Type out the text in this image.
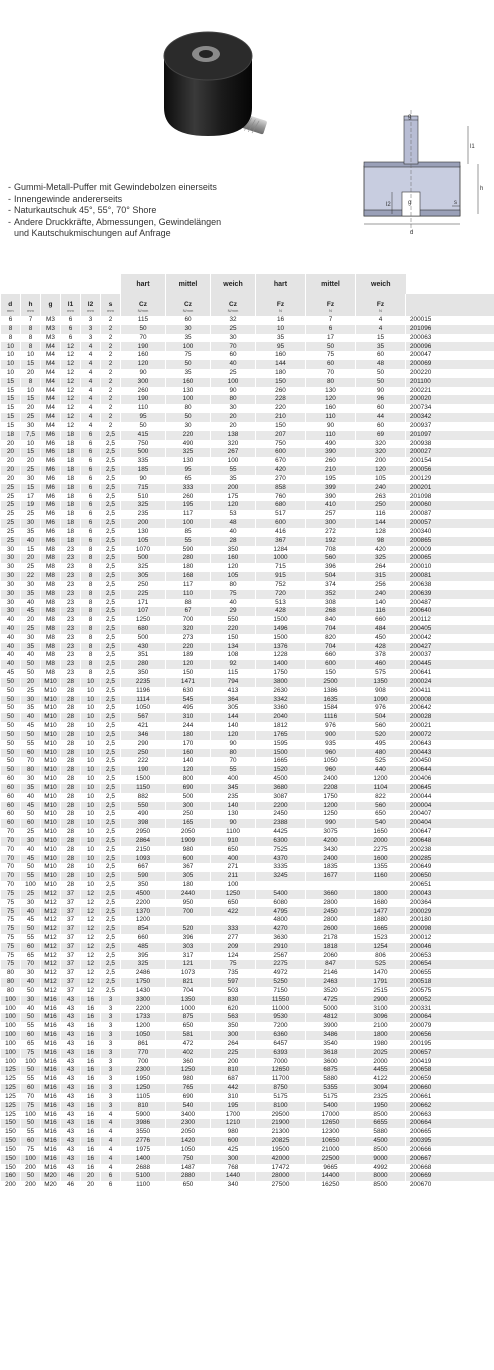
g
l1
h
l2	g	s
d
- Gummi-Metall-Puffer mit Gewindebolzen einerseits
- Innengewinde andererseits
- Naturkautschuk 45°, 55°, 70° Shore
- Andere Druckkräfte, Abmessungen, Gewindelängen
und Kautschukmischungen auf Anfrage
						hart	mittel	weich	hart	mittel	weich	
d	h	g	l1	l2	s	Cz	Cz	Cz	Fz	Fz	Fz	
mm	mm		mm	mm	mm	N/mm	N/mm	N/mm	N	N	N	
6	7	M3	6	3	2	115	60	32	16	7	4	200015
8	8	M3	6	3	2	50	30	25	10	6	4	201096
8	8	M3	6	3	2	70	35	30	35	17	15	200063
10	8	M4	12	4	2	190	100	70	95	50	35	200096
10	10	M4	12	4	2	160	75	60	160	75	60	200047
10	15	M4	12	4	2	120	50	40	144	60	48	200069
10	20	M4	12	4	2	90	35	25	180	70	50	200220
15	8	M4	12	4	2	300	160	100	150	80	50	201100
15	10	M4	12	4	2	260	130	90	260	130	90	200221
15	15	M4	12	4	2	190	100	80	228	120	96	200020
15	20	M4	12	4	2	110	80	30	220	160	60	200734
15	25	M4	12	4	2	95	50	20	210	110	44	200342
15	30	M4	12	4	2	50	30	20	150	90	60	200937
18	7,5	M6	18	6	2,5	415	220	138	207	110	69	201097
20	10	M6	18	6	2,5	750	490	320	750	490	320	200938
20	15	M6	18	6	2,5	500	325	267	600	390	320	200027
20	20	M6	18	6	2,5	335	130	100	670	260	200	200154
20	25	M6	18	6	2,5	185	95	55	420	210	120	200056
20	30	M6	18	6	2,5	90	65	35	270	195	105	200129
25	15	M6	18	6	2,5	715	333	200	858	399	240	200201
25	17	M6	18	6	2,5	510	260	175	760	390	263	201098
25	19	M6	18	6	2,5	325	195	120	680	410	250	200060
25	25	M6	18	6	2,5	235	117	53	517	257	116	200087
25	30	M6	18	6	2,5	200	100	48	600	300	144	200057
25	35	M6	18	6	2,5	130	85	40	416	272	128	200340
25	40	M6	18	6	2,5	105	55	28	367	192	98	200865
30	15	M8	23	8	2,5	1070	590	350	1284	708	420	200009
30	20	M8	23	8	2,5	500	280	160	1000	560	325	200065
30	25	M8	23	8	2,5	325	180	120	715	396	264	200010
30	22	M8	23	8	2,5	305	168	105	915	504	315	200081
30	30	M8	23	8	2,5	250	117	80	752	374	256	200638
30	35	M8	23	8	2,5	225	110	75	720	352	240	200639
30	40	M8	23	8	2,5	171	88	40	513	308	140	200487
30	45	M8	23	8	2,5	107	67	29	428	268	116	200640
40	20	M8	23	8	2,5	1250	700	550	1500	840	660	200112
40	25	M8	23	8	2,5	680	320	220	1496	704	484	200405
40	30	M8	23	8	2,5	500	273	150	1500	820	450	200042
40	35	M8	23	8	2,5	430	220	134	1376	704	428	200427
40	40	M8	23	8	2,5	351	189	108	1228	660	378	200037
40	50	M8	23	8	2,5	280	120	92	1400	600	460	200445
45	50	M8	23	8	2,5	350	150	115	1750	150	575	200641
50	20	M10	28	10	2,5	2235	1471	794	3800	2500	1350	200024
50	25	M10	28	10	2,5	1196	630	413	2630	1386	908	200411
50	30	M10	28	10	2,5	1114	545	364	3342	1635	1090	200008
50	35	M10	28	10	2,5	1050	495	305	3360	1584	976	200642
50	40	M10	28	10	2,5	567	310	144	2040	1116	504	200028
50	45	M10	28	10	2,5	421	244	140	1812	976	560	200021
50	50	M10	28	10	2,5	346	180	120	1765	900	520	200072
50	55	M10	28	10	2,5	290	170	90	1595	935	495	200643
50	60	M10	28	10	2,5	250	160	80	1500	960	480	200443
50	70	M10	28	10	2,5	222	140	70	1665	1050	525	200450
50	80	M10	28	10	2,5	190	120	55	1520	960	440	200644
60	30	M10	28	10	2,5	1500	800	400	4500	2400	1200	200406
60	35	M10	28	10	2,5	1150	690	345	3680	2208	1104	200645
60	40	M10	28	10	2,5	882	500	235	3087	1750	822	200044
60	45	M10	28	10	2,5	550	300	140	2200	1200	560	200004
60	50	M10	28	10	2,5	490	250	130	2450	1250	650	200407
60	60	M10	28	10	2,5	398	165	90	2388	990	540	200404
70	25	M10	28	10	2,5	2950	2050	1100	4425	3075	1650	200647
70	30	M10	28	10	2,5	2864	1909	910	6300	4200	2000	200648
70	40	M10	28	10	2,5	2150	980	650	7525	3430	2275	200238
70	45	M10	28	10	2,5	1093	600	400	4370	2400	1600	200285
70	50	M10	28	10	2,5	667	367	271	3335	1835	1355	200649
70	55	M10	28	10	2,5	590	305	211	3245	1677	1160	200650
70	100	M10	28	10	2,5	350	180	100				200651
75	25	M12	37	12	2,5	4500	2440	1250	5400	3660	1800	200043
75	30	M12	37	12	2,5	2200	950	650	6080	2800	1680	200364
75	40	M12	37	12	2,5	1370	700	422	4795	2450	1477	200029
75	45	M12	37	12	2,5	1200			4800	2800	1880	200180
75	50	M12	37	12	2,5	854	520	333	4270	2600	1665	200098
75	55	M12	37	12	2,5	660	396	277	3630	2178	1523	200012
75	60	M12	37	12	2,5	485	303	209	2910	1818	1254	200046
75	65	M12	37	12	2,5	395	317	124	2567	2060	806	200653
75	70	M12	37	12	2,5	325	121	75	2275	847	525	200654
80	30	M12	37	12	2,5	2486	1073	735	4972	2146	1470	200655
80	40	M12	37	12	2,5	1750	821	597	5250	2463	1791	200518
80	50	M12	37	12	2,5	1430	704	503	7150	3520	2515	200575
100	30	M16	43	16	3	3300	1350	830	11550	4725	2900	200052
100	40	M16	43	16	3	2200	1000	620	11000	5000	3100	200331
100	50	M16	43	16	3	1733	875	563	9530	4812	3096	200064
100	55	M16	43	16	3	1200	650	350	7200	3900	2100	200079
100	60	M16	43	16	3	1050	581	300	6360	3486	1800	200656
100	65	M16	43	16	3	861	472	264	6457	3540	1980	200195
100	75	M16	43	16	3	770	402	225	6393	3618	2025	200657
100	100	M16	43	16	3	700	360	200	7000	3600	2000	200419
125	50	M16	43	16	3	2300	1250	810	12650	6875	4455	200658
125	55	M16	43	16	3	1950	980	687	11700	5880	4122	200659
125	60	M16	43	16	3	1250	765	442	8750	5355	3094	200660
125	70	M16	43	16	3	1105	690	310	5175	5175	2325	200661
125	75	M16	43	16	3	810	540	195	8100	5400	1950	200662
125	100	M16	43	16	4	5900	3400	1700	29500	17000	8500	200663
150	50	M16	43	16	4	3986	2300	1210	21900	12650	6655	200664
150	55	M16	43	16	4	3550	2050	980	21300	12300	5880	200665
150	60	M16	43	16	4	2776	1420	600	20825	10650	4500	200395
150	75	M16	43	16	4	1975	1050	425	19500	21000	8500	200666
150	100	M16	43	16	4	1400	750	300	42000	22500	9000	200667
150	200	M16	43	16	4	2688	1487	768	17472	9665	4992	200668
160	50	M20	46	20	6	5100	2880	1440	28000	14400	8000	200669
200	200	M20	46	20	6	1100	650	340	27500	16250	8500	200670
